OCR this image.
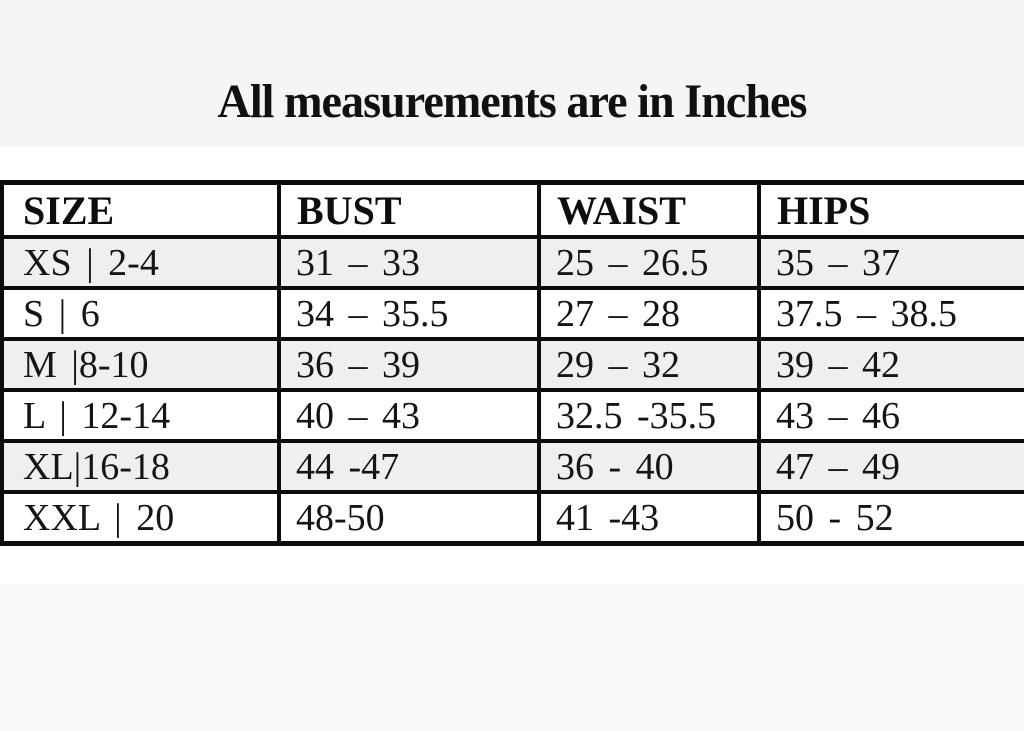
All measurements are in Inches
SIZE	BUST	WAIST	HIPS
XS | 2-4	31 – 33	25 – 26.5	35 – 37
S | 6	34 – 35.5	27 – 28	37.5 – 38.5
M |8-10	36 – 39	29 – 32	39 – 42
L | 12-14	40 – 43	32.5 -35.5	43 – 46
XL|16-18	44 -47	36 - 40	47 – 49
XXL | 20	48-50	41 -43	50 - 52
